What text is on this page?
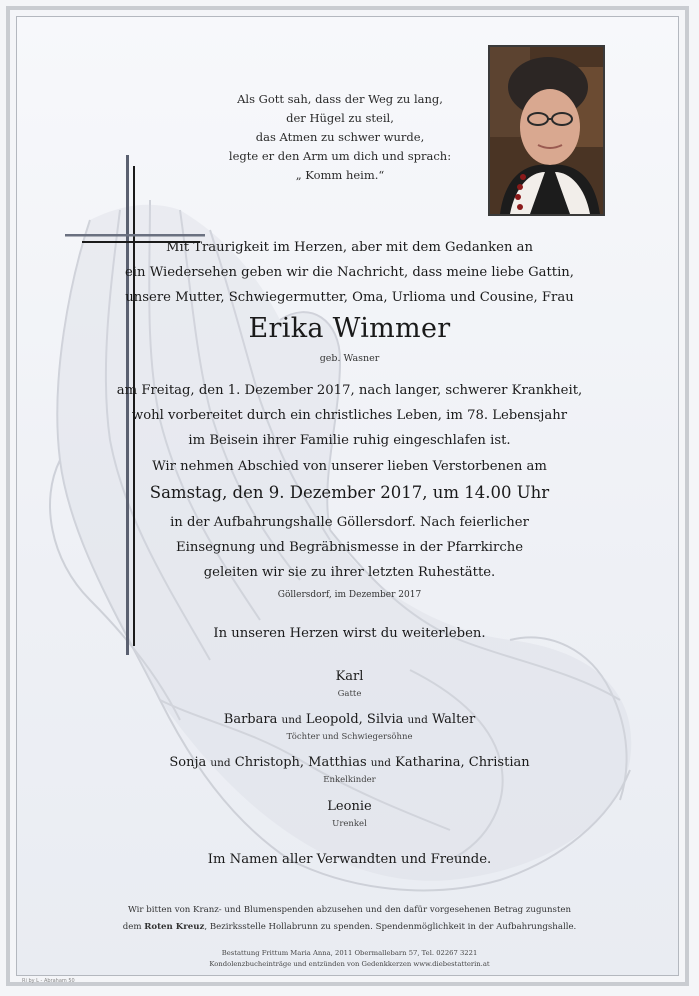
Als Gott sah, dass der Weg zu lang,
der Hügel zu steil,
das Atmen zu schwer wurde,
legte er den Arm um dich und sprach:
„ Komm heim.“
Mit Traurigkeit im Herzen, aber mit dem Gedanken an
ein Wiedersehen geben wir die Nachricht, dass meine liebe Gattin,
unsere Mutter, Schwiegermutter, Oma, Urlioma und Cousine, Frau
Erika Wimmer
geb. Wasner
am Freitag, den 1. Dezember 2017, nach langer, schwerer Krankheit,
wohl vorbereitet durch ein christliches Leben, im 78. Lebensjahr
im Beisein ihrer Familie ruhig eingeschlafen ist.
Wir nehmen Abschied von unserer lieben Verstorbenen am
Samstag, den 9. Dezember 2017, um 14.00 Uhr
in der Aufbahrungshalle Göllersdorf. Nach feierlicher
Einsegnung und Begräbnismesse in der Pfarrkirche
geleiten wir sie zu ihrer letzten Ruhestätte.
Göllersdorf, im Dezember 2017
In unseren Herzen wirst du weiterleben.
Karl
Gatte
Barbara und Leopold, Silvia und Walter
Töchter und Schwiegersöhne
Sonja und Christoph, Matthias und Katharina, Christian
Enkelkinder
Leonie
Urenkel
Im Namen aller Verwandten und Freunde.
Wir bitten von Kranz- und Blumenspenden abzusehen und den dafür vorgesehenen Betrag zugunsten
dem Roten Kreuz, Bezirksstelle Hollabrunn zu spenden. Spendenmöglichkeit in der Aufbahrungshalle.
Bestattung Frittum Maria Anna, 2011 Obermallebarn 57, Tel. 02267 3221
Kondolenzbucheinträge und entzünden von Gedenkkerzen www.diebestatterin.at
Ri by L - Abraham 50
